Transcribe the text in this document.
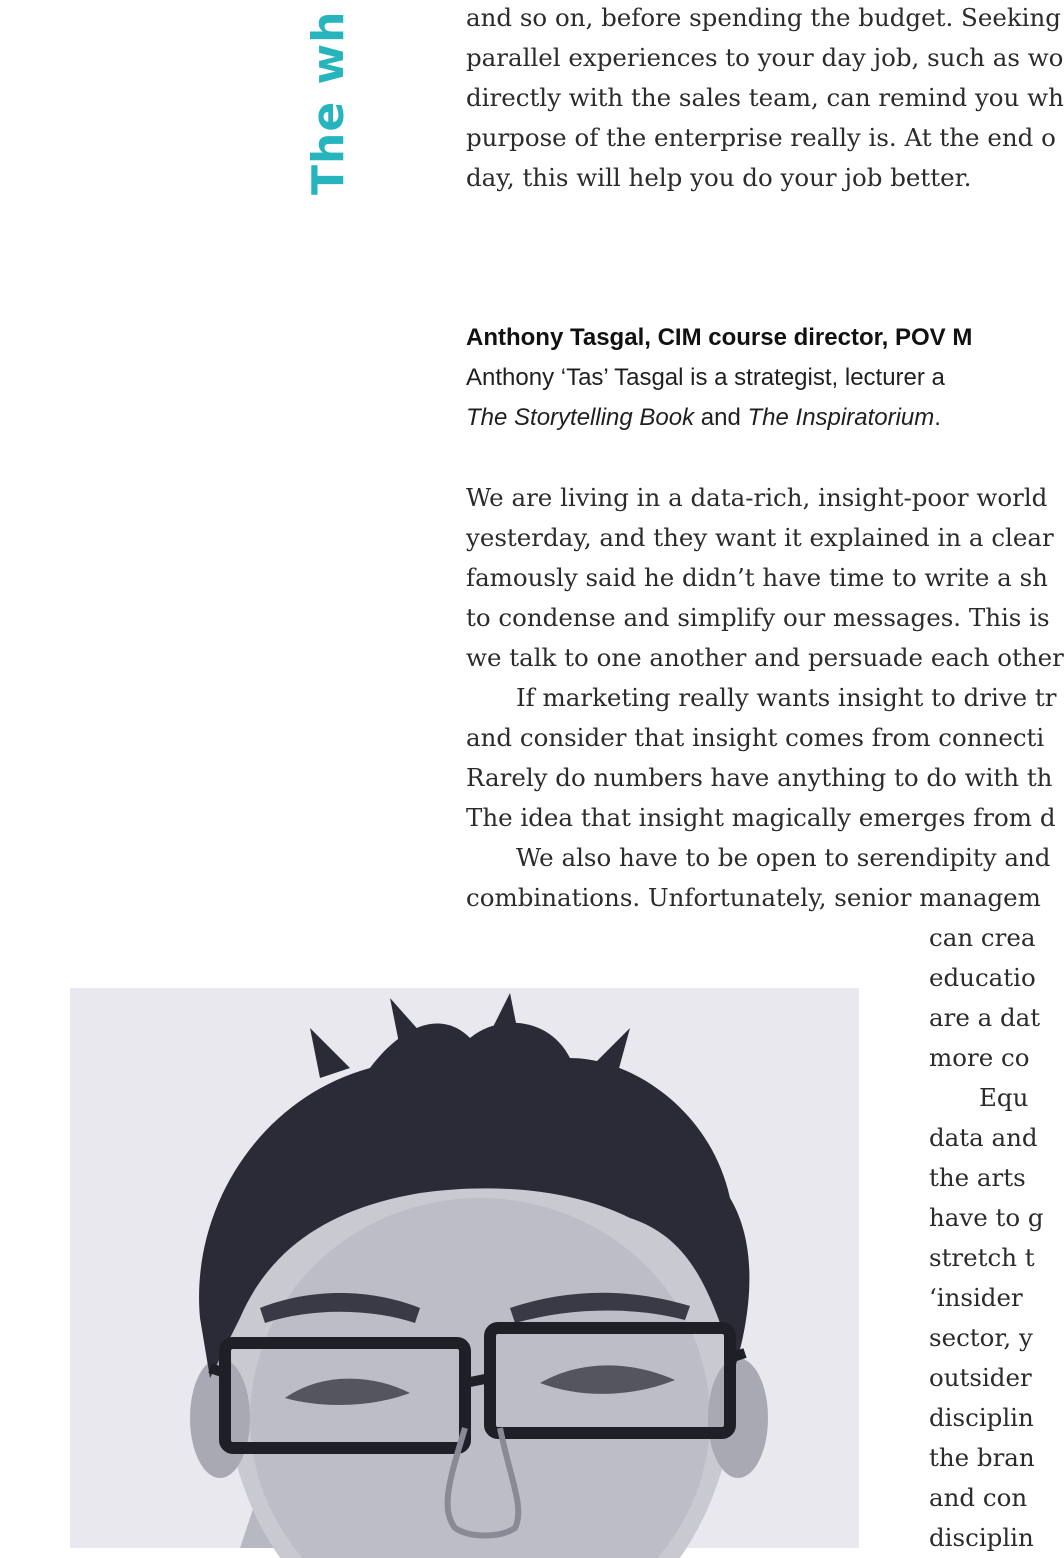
The wh	and so on, before spending the budget. Seeking

parallel experiences to your day job, such as wo

directly with the sales team, can remind you wh

purpose of the enterprise really is. At the end o

day, this will help you do your job better.

Anthony Tasgal, CIM course director, POV M

Anthony ‘Tas’ Tasgal is a strategist, lecturer a

The Storytelling Book and The Inspiratorium.

We are living in a data-rich, insight-poor world

yesterday, and they want it explained in a clear

famously said he didn’t have time to write a sh

to condense and simplify our messages. This is

we talk to one another and persuade each other

If marketing really wants insight to drive tr

and consider that insight comes from connecti

Rarely do numbers have anything to do with th

The idea that insight magically emerges from d

We also have to be open to serendipity and

combinations. Unfortunately, senior managem

can crea

educatio

are a dat

more co

Equ

data and

the arts

have to g

stretch t

‘insider

sector, y

outsider

disciplin

the bran

and con

disciplin
